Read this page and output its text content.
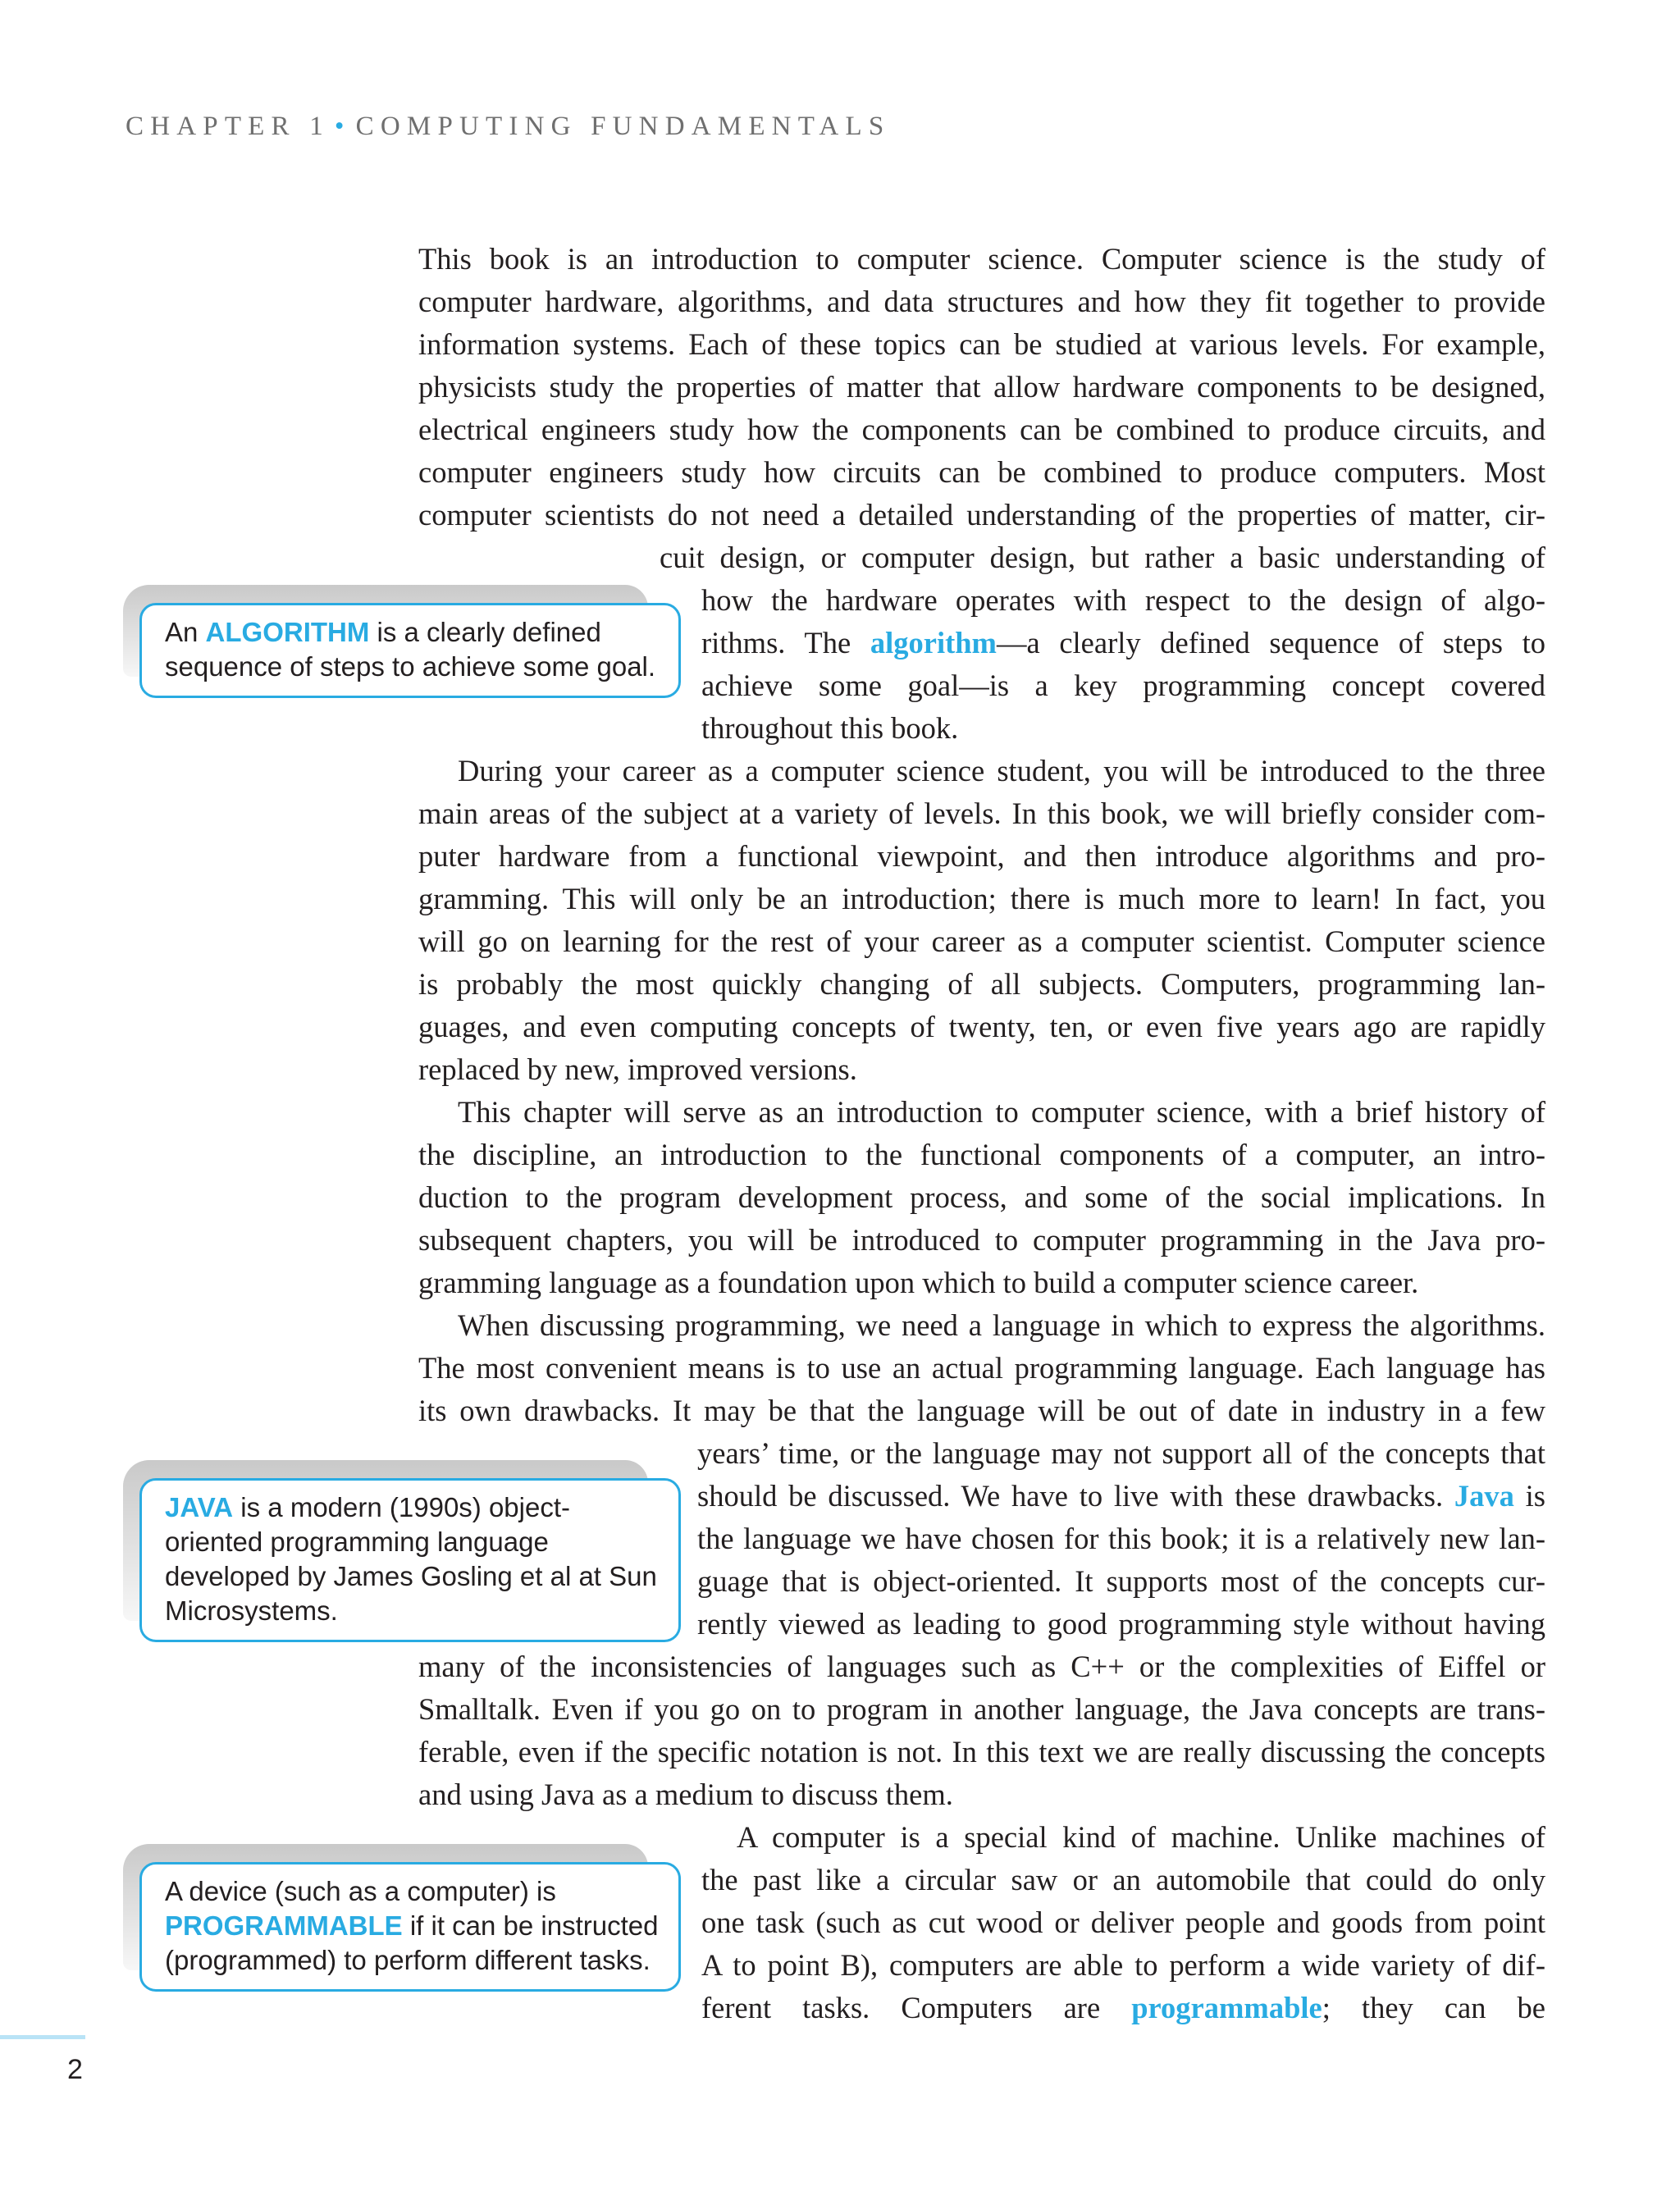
CHAPTER 1 • COMPUTING FUNDAMENTALS
This book is an introduction to computer science. Computer science is the study of
computer hardware, algorithms, and data structures and how they fit together to provide
information systems. Each of these topics can be studied at various levels. For example,
physicists study the properties of matter that allow hardware components to be designed,
electrical engineers study how the components can be combined to produce circuits, and
computer engineers study how circuits can be combined to produce computers. Most
computer scientists do not need a detailed understanding of the properties of matter, cir-
cuit design, or computer design, but rather a basic understanding of
how the hardware operates with respect to the design of algo-
rithms. The algorithm—a clearly defined sequence of steps to
achieve some goal—is a key programming concept covered
throughout this book.
During your career as a computer science student, you will be introduced to the three
main areas of the subject at a variety of levels. In this book, we will briefly consider com-
puter hardware from a functional viewpoint, and then introduce algorithms and pro-
gramming. This will only be an introduction; there is much more to learn! In fact, you
will go on learning for the rest of your career as a computer scientist. Computer science
is probably the most quickly changing of all subjects. Computers, programming lan-
guages, and even computing concepts of twenty, ten, or even five years ago are rapidly
replaced by new, improved versions.
This chapter will serve as an introduction to computer science, with a brief history of
the discipline, an introduction to the functional components of a computer, an intro-
duction to the program development process, and some of the social implications. In
subsequent chapters, you will be introduced to computer programming in the Java pro-
gramming language as a foundation upon which to build a computer science career.
When discussing programming, we need a language in which to express the algorithms.
The most convenient means is to use an actual programming language. Each language has
its own drawbacks. It may be that the language will be out of date in industry in a few
years’ time, or the language may not support all of the concepts that
should be discussed. We have to live with these drawbacks. Java is
the language we have chosen for this book; it is a relatively new lan-
guage that is object-oriented. It supports most of the concepts cur-
rently viewed as leading to good programming style without having
many of the inconsistencies of languages such as C++ or the complexities of Eiffel or
Smalltalk. Even if you go on to program in another language, the Java concepts are trans-
ferable, even if the specific notation is not. In this text we are really discussing the concepts
and using Java as a medium to discuss them.
A computer is a special kind of machine. Unlike machines of
the past like a circular saw or an automobile that could do only
one task (such as cut wood or deliver people and goods from point
A to point B), computers are able to perform a wide variety of dif-
ferent tasks. Computers are programmable; they can be
An ALGORITHM is a clearly defined sequence of steps to achieve some goal.
JAVA is a modern (1990s) object-oriented programming language developed by James Gosling et al at Sun Microsystems.
A device (such as a computer) is PROGRAMMABLE if it can be instructed (programmed) to perform different tasks.
2
